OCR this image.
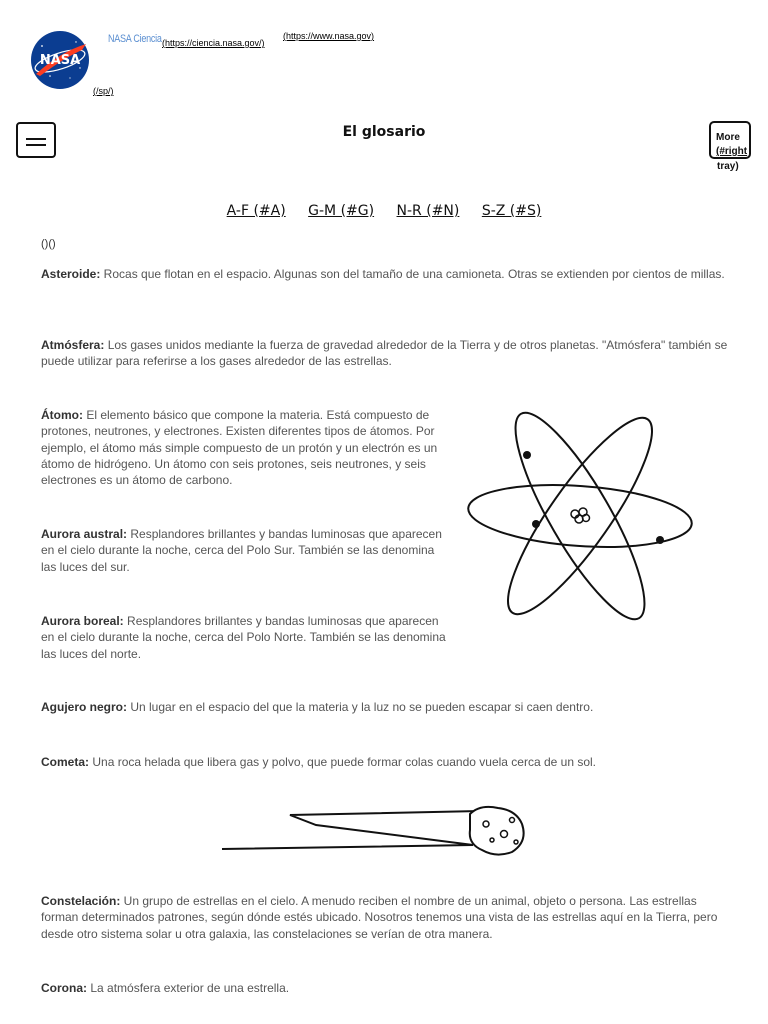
NASA
NASA Ciencia (https://ciencia.nasa.gov/)
(https://www.nasa.gov)
(/sp/)
El glosario	More
(#right
tray)
A-F (#A) G-M (#G) N-R (#N) S-Z (#S)
()()

Asteroide: Rocas que flotan en el espacio. Algunas son del tamaño de una camioneta. Otras se extienden por cientos de millas.

Atmósfera: Los gases unidos mediante la fuerza de gravedad alrededor de la Tierra y de otros planetas. "Atmósfera" también se puede utilizar para referirse a los gases alrededor de las estrellas.

Átomo: El elemento básico que compone la materia. Está compuesto de protones, neutrones, y electrones. Existen diferentes tipos de átomos. Por ejemplo, el átomo más simple compuesto de un protón y un electrón es un átomo de hidrógeno. Un átomo con seis protones, seis neutrones, y seis electrones es un átomo de carbono.

Aurora austral: Resplandores brillantes y bandas luminosas que aparecen en el cielo durante la noche, cerca del Polo Sur. También se las denomina las luces del sur.

Aurora boreal: Resplandores brillantes y bandas luminosas que aparecen en el cielo durante la noche, cerca del Polo Norte. También se las denomina las luces del norte.

Agujero negro: Un lugar en el espacio del que la materia y la luz no se pueden escapar si caen dentro.

Cometa: Una roca helada que libera gas y polvo, que puede formar colas cuando vuela cerca de un sol.

Constelación: Un grupo de estrellas en el cielo. A menudo reciben el nombre de un animal, objeto o persona. Las estrellas forman determinados patrones, según dónde estés ubicado. Nosotros tenemos una vista de las estrellas aquí en la Tierra, pero desde otro sistema solar u otra galaxia, las constelaciones se verían de otra manera.

Corona: La atmósfera exterior de una estrella.
